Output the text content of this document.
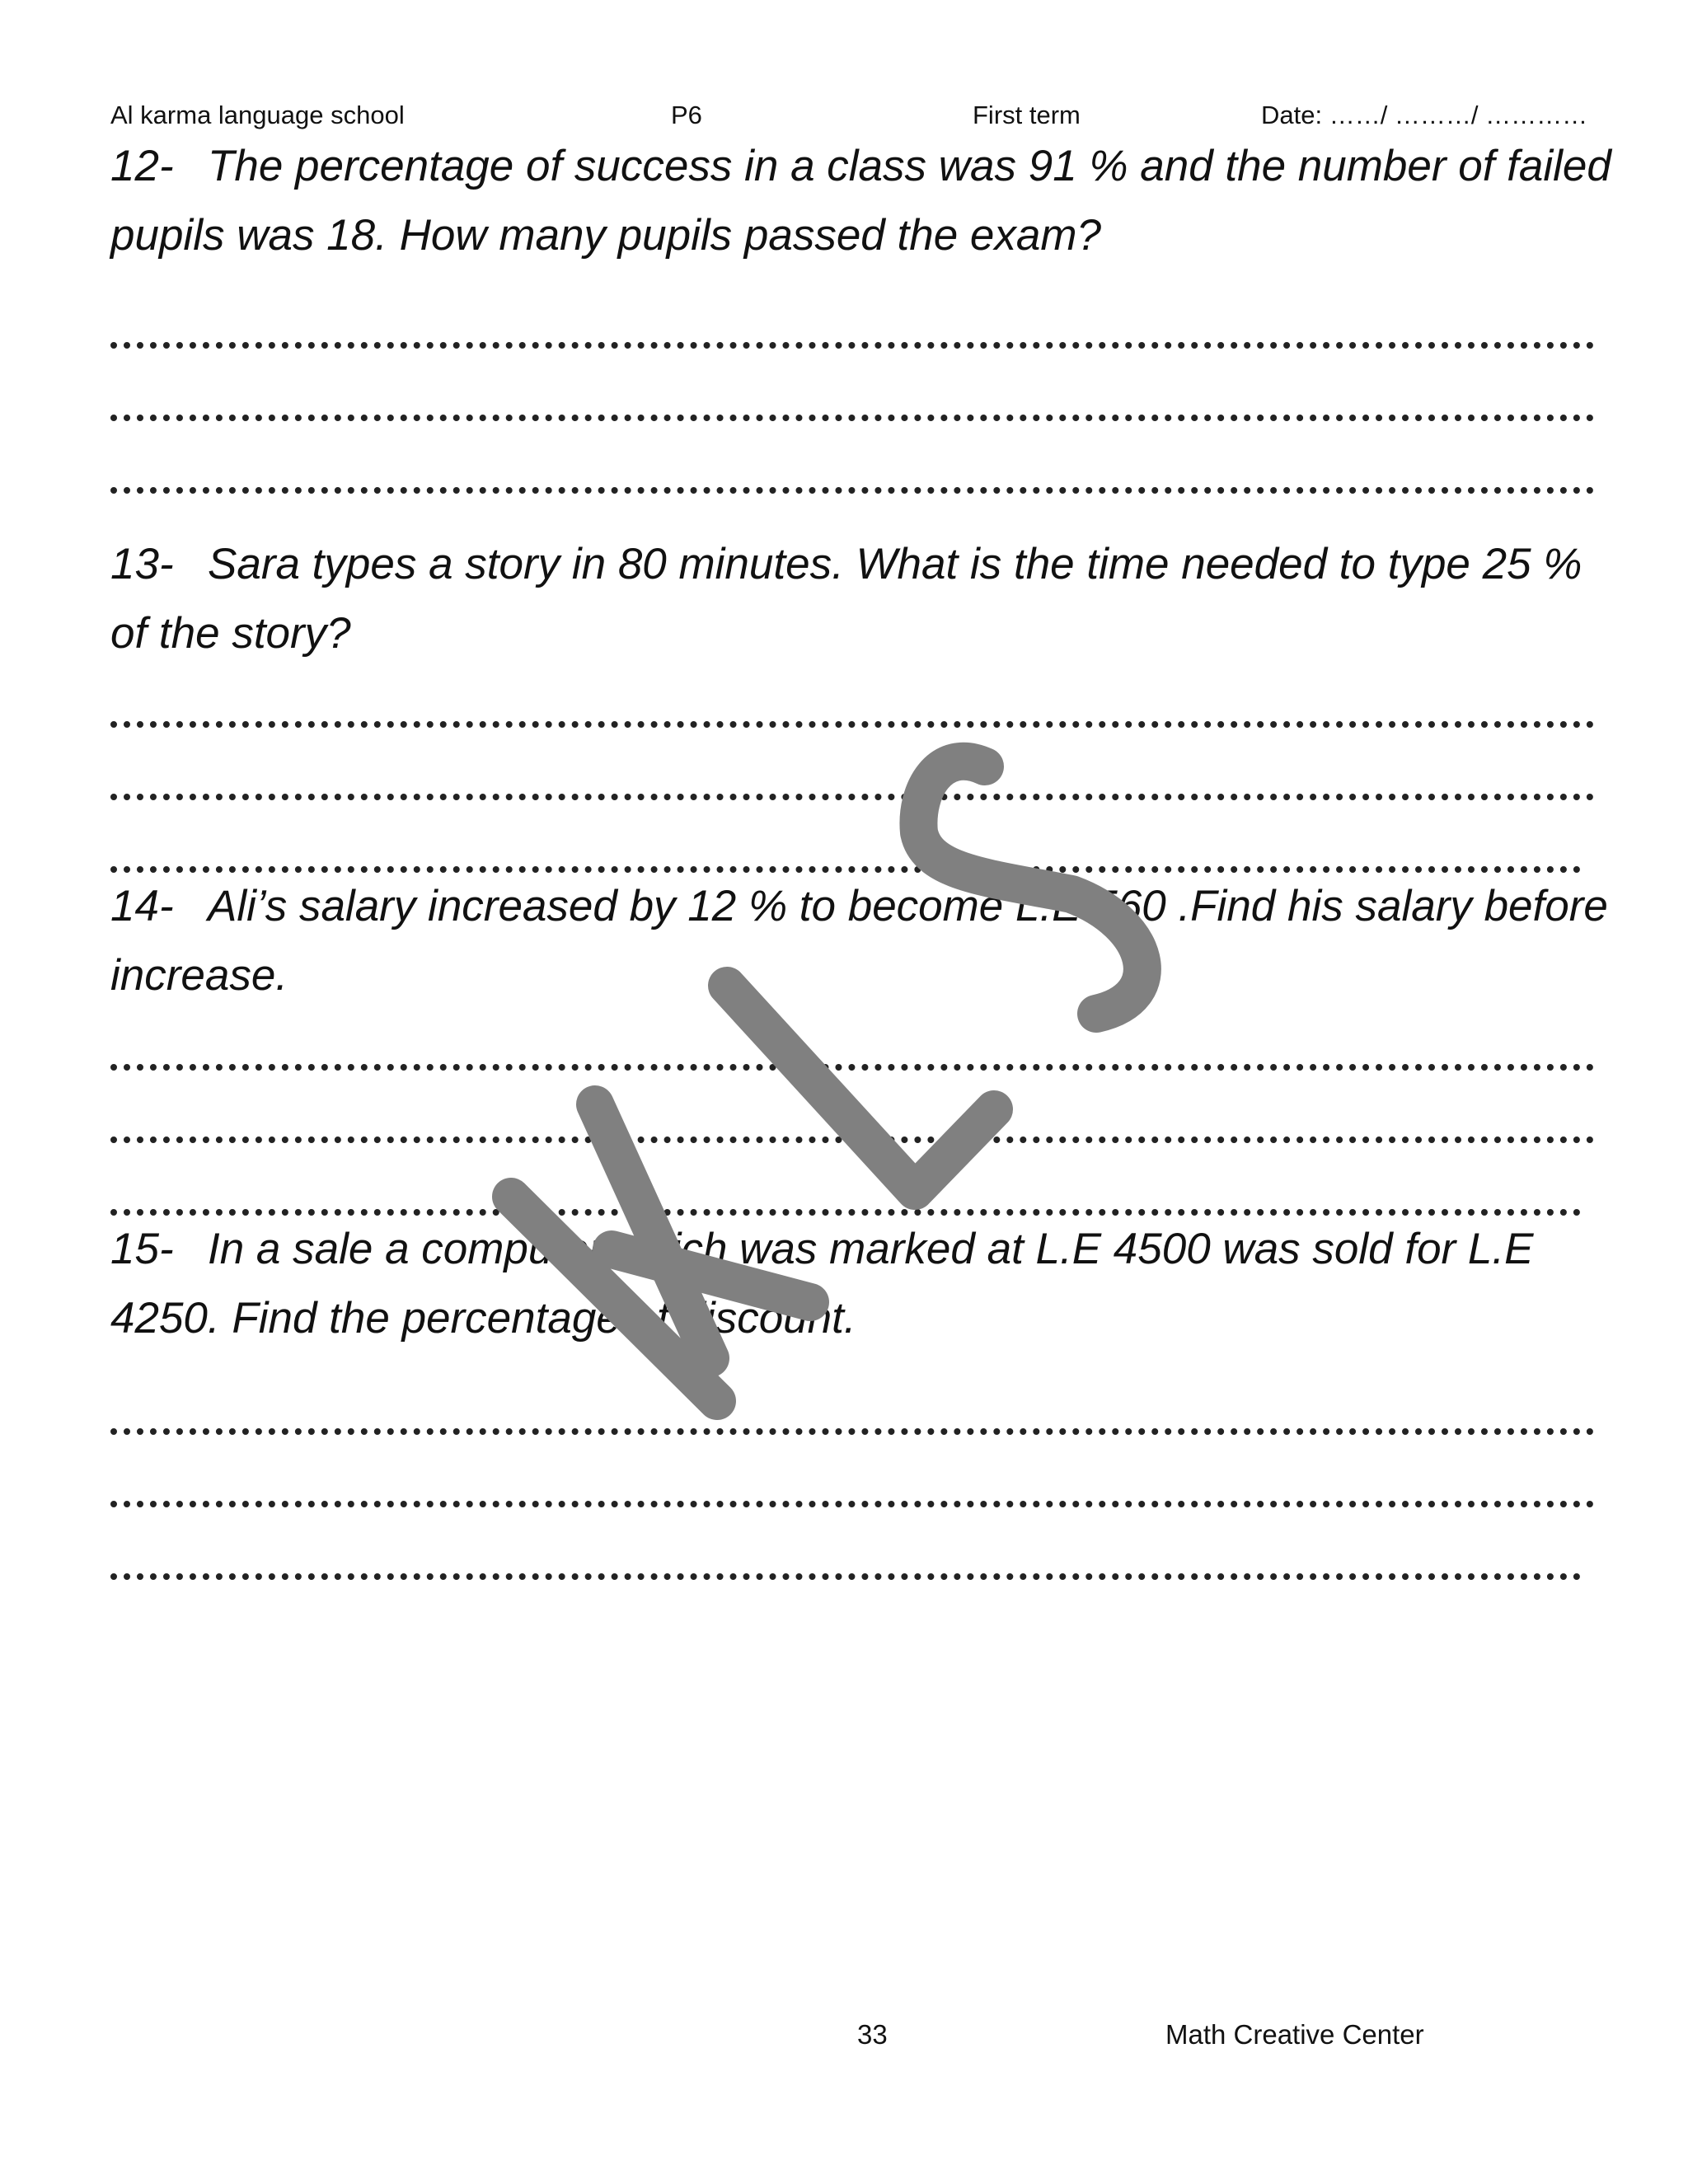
Al karma language school	P6	First term	Date: ……/ ………/ …………
12- The percentage of success in a class was 91 % and the number of failed
pupils was 18. How many pupils passed the exam?
13- Sara types a story in 80 minutes. What is the time needed to type 25 %
of the story?
14- Ali’s salary increased by 12 % to become L.E 560 .Find his salary before
increase.
15- In a sale a computer which was marked at L.E 4500 was sold for L.E
4250. Find the percentage of discount.
33	Math Creative Center
